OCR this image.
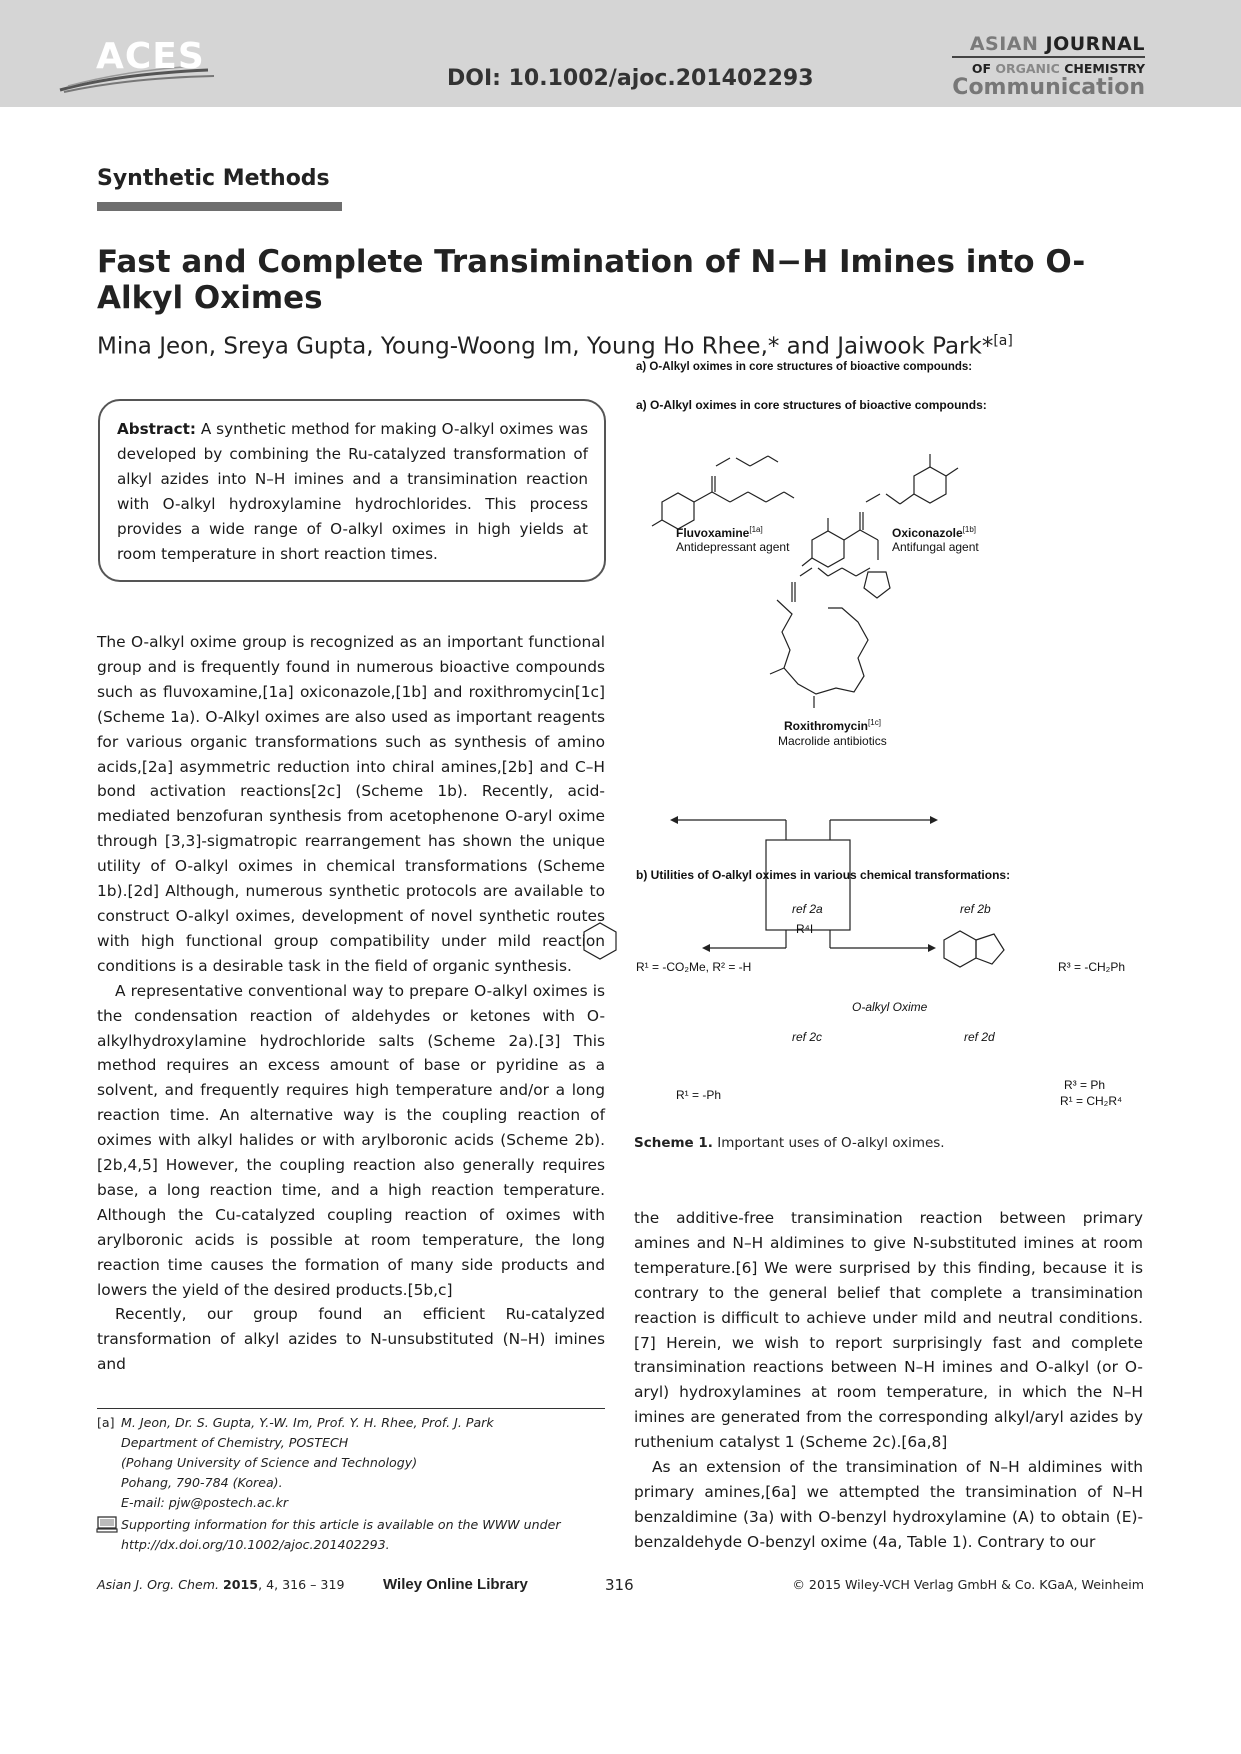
ACES
DOI: 10.1002/ajoc.201402293
ASIAN JOURNAL
OF ORGANIC CHEMISTRY
Communication
Synthetic Methods
Fast and Complete Transimination of N−H Imines into O-Alkyl Oximes
Mina Jeon, Sreya Gupta, Young-Woong Im, Young Ho Rhee,* and Jaiwook Park*[a]

Abstract: A synthetic method for making O-alkyl oximes was developed by combining the Ru-catalyzed transformation of alkyl azides into N–H imines and a transimination reaction with O-alkyl hydroxylamine hydrochlorides. This process provides a wide range of O-alkyl oximes in high yields at room temperature in short reaction times.

The O-alkyl oxime group is recognized as an important functional group and is frequently found in numerous bioactive compounds such as fluvoxamine,[1a] oxiconazole,[1b] and roxithromycin[1c] (Scheme 1a). O-Alkyl oximes are also used as important reagents for various organic transformations such as synthesis of amino acids,[2a] asymmetric reduction into chiral amines,[2b] and C–H bond activation reactions[2c] (Scheme 1b). Recently, acid-mediated benzofuran synthesis from acetophenone O-aryl oxime through [3,3]-sigmatropic rearrangement has shown the unique utility of O-alkyl oximes in chemical transformations (Scheme 1b).[2d] Although, numerous synthetic protocols are available to construct O-alkyl oximes, development of novel synthetic routes with high functional group compatibility under mild reaction conditions is a desirable task in the field of organic synthesis.

A representative conventional way to prepare O-alkyl oximes is the condensation reaction of aldehydes or ketones with O-alkylhydroxylamine hydrochloride salts (Scheme 2a).[3] This method requires an excess amount of base or pyridine as a solvent, and frequently requires high temperature and/or a long reaction time. An alternative way is the coupling reaction of oximes with alkyl halides or with arylboronic acids (Scheme 2b).[2b,4,5] However, the coupling reaction also generally requires base, a long reaction time, and a high reaction temperature. Although the Cu-catalyzed coupling reaction of oximes with arylboronic acids is possible at room temperature, the long reaction time causes the formation of many side products and lowers the yield of the desired products.[5b,c]

Recently, our group found an efficient Ru-catalyzed transformation of alkyl azides to N-unsubstituted (N–H) imines and

[a] M. Jeon, Dr. S. Gupta, Y.-W. Im, Prof. Y. H. Rhee, Prof. J. Park
Department of Chemistry, POSTECH
(Pohang University of Science and Technology)
Pohang, 790-784 (Korea).
E-mail: pjw@postech.ac.kr
Supporting information for this article is available on the WWW under
http://dx.doi.org/10.1002/ajoc.201402293.
a) O-Alkyl oximes in core structures of bioactive compounds:
a) O-Alkyl oximes in core structures of bioactive compounds:
Fluvoxamine[1a]
Antidepressant agent
Oxiconazole[1b]
Antifungal agent
Roxithromycin[1c]
Macrolide antibiotics
b) Utilities of O-alkyl oximes in various chemical transformations:
ref 2a
R⁴I
ref 2b
ref 2c	ref 2d
O-alkyl Oxime
R¹ = -CO₂Me, R² = -H	R³ = -CH₂Ph
R¹ = -Ph
R³ = Ph
R¹ = CH₂R⁴
Scheme 1. Important uses of O-alkyl oximes.

the additive-free transimination reaction between primary amines and N–H aldimines to give N-substituted imines at room temperature.[6] We were surprised by this finding, because it is contrary to the general belief that complete a transimination reaction is difficult to achieve under mild and neutral conditions.[7] Herein, we wish to report surprisingly fast and complete transimination reactions between N–H imines and O-alkyl (or O-aryl) hydroxylamines at room temperature, in which the N–H imines are generated from the corresponding alkyl/aryl azides by ruthenium catalyst 1 (Scheme 2c).[6a,8]

As an extension of the transimination of N–H aldimines with primary amines,[6a] we attempted the transimination of N–H benzaldimine (3a) with O-benzyl hydroxylamine (A) to obtain (E)-benzaldehyde O-benzyl oxime (4a, Table 1). Contrary to our

Asian J. Org. Chem. 2015, 4, 316 – 319	Wiley Online Library	316	© 2015 Wiley-VCH Verlag GmbH & Co. KGaA, Weinheim
